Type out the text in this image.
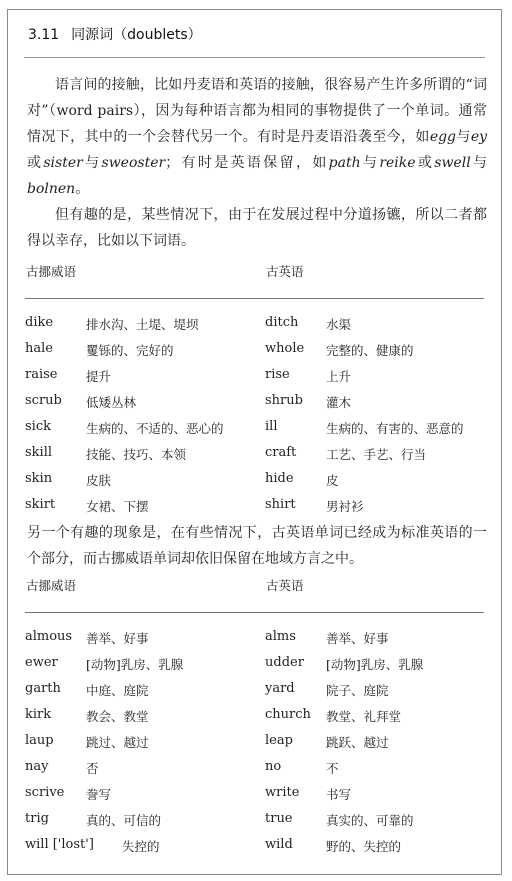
3.11 同源词（doublets）

语言间的接触，比如丹麦语和英语的接触，很容易产生许多所谓的“词对”（word pairs），因为每种语言都为相同的事物提供了一个单词。通常情况下，其中的一个会替代另一个。有时是丹麦语沿袭至今，如egg与ey或sister与sweoster；有时是英语保留，如path与reike或swell与bolnen。

但有趣的是，某些情况下，由于在发展过程中分道扬镳，所以二者都得以幸存，比如以下词语。

古挪威语	古英语
dike	排水沟、土堤、堤坝	ditch 水渠
hale	矍铄的、完好的	whole 完整的、健康的
raise 提升	rise	上升
scrub 低矮丛林	shrub 灌木
sick	生病的、不适的、恶心的	ill	生病的、有害的、恶意的
skill	技能、技巧、本领	craft 工艺、手艺、行当
skin	皮肤	hide	皮
skirt 女裙、下摆	shirt 男衬衫

另一个有趣的现象是，在有些情况下，古英语单词已经成为标准英语的一个部分，而古挪威语单词却依旧保留在地域方言之中。

古挪威语	古英语
almous 善举、好事	alms 善举、好事
ewer [动物]乳房、乳腺	udder [动物]乳房、乳腺
garth 中庭、庭院	yard	院子、庭院
kirk	教会、教堂	church 教堂、礼拜堂
laup	跳过、越过	leap	跳跃、越过
nay	否	no	不
scrive 誊写	write 书写
trig	真的、可信的	true	真实的、可靠的
will ['lost'] 失控的	wild	野的、失控的
